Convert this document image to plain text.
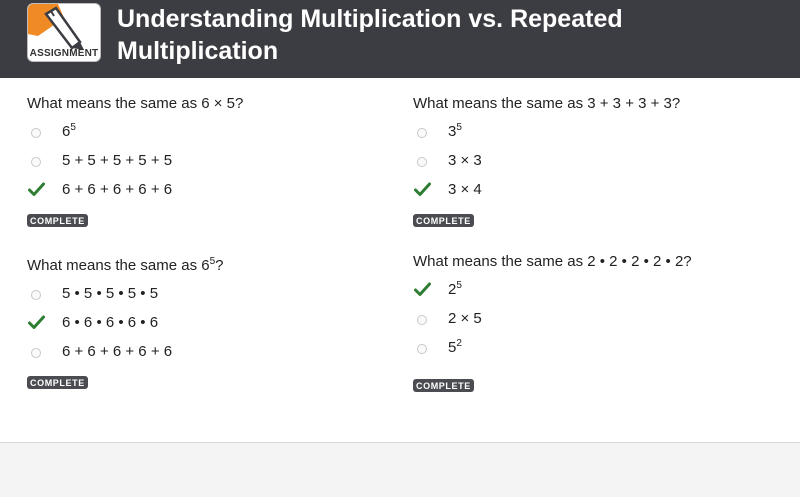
ASSIGNMENT
Understanding Multiplication vs. Repeated
Multiplication
What means the same as 6 × 5?
$6^5$
5 + 5 + 5 + 5 + 5
6 + 6 + 6 + 6 + 6
COMPLETE
What means the same as 3 + 3 + 3 + 3?
$3^5$
3 × 3
3 × 4
COMPLETE
What means the same as $6^5$?
5 • 5 • 5 • 5 • 5
6 • 6 • 6 • 6 • 6
6 + 6 + 6 + 6 + 6
COMPLETE
What means the same as 2 • 2 • 2 • 2 • 2?
$2^5$
2 × 5
$5^2$
COMPLETE
